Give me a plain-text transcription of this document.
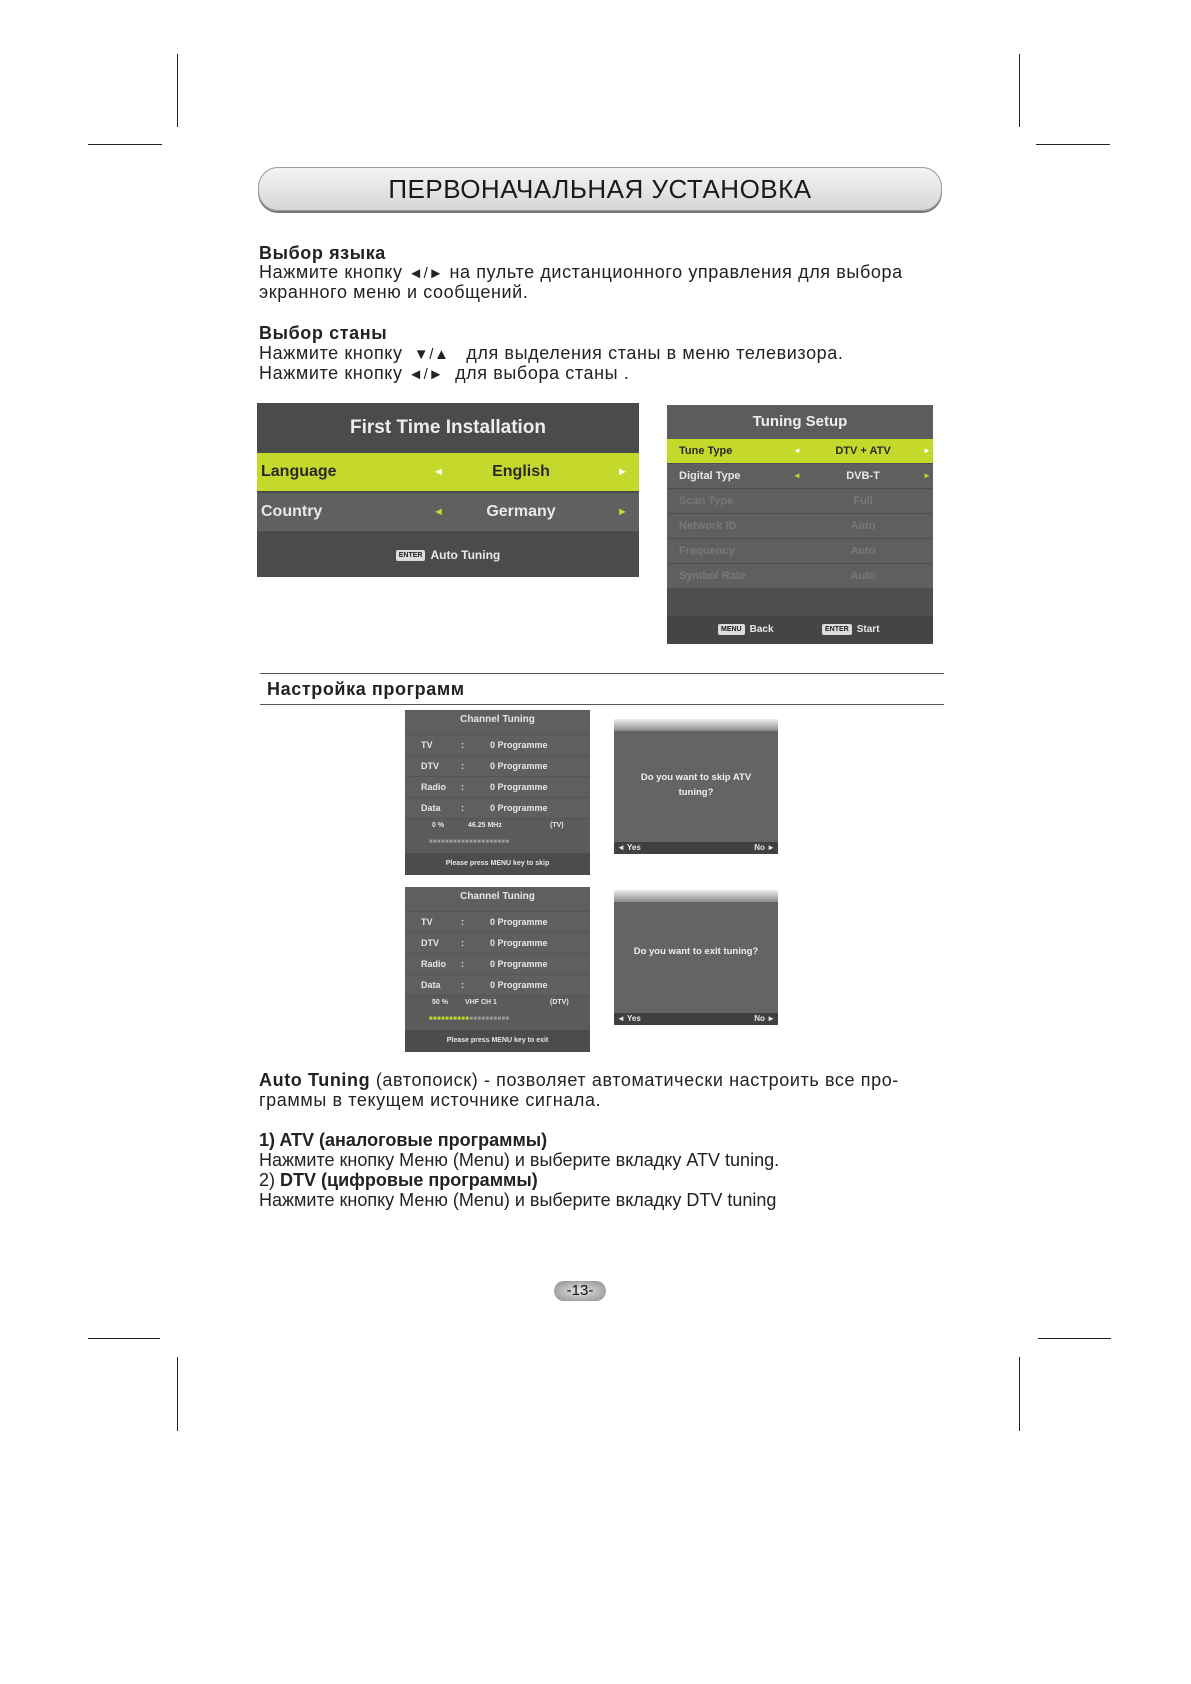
ПЕРВОНАЧАЛЬНАЯ УСТАНОВКА
Выбор языка
Нажмите кнопку ◄/► на пульте дистанционного управления для выбора
экранного меню и сообщений.
Выбор станы
Нажмите кнопку ▼/▲ для выделения станы в меню телевизора.
Нажмите кнопку ◄/► для выбора станы .
First Time Installation
Language	◄	English	►
Country	◄	Germany	►
ENTER Auto Tuning
Tuning Setup
Tune Type	◄	DTV + ATV	►
Digital Type	◄	DVB-T	►
Scan Type	Full
Network ID	Auto
Frequency	Auto
Symbol Rate	Auto
MENU Back	ENTER Start
Настройка программ
Channel Tuning
TV	:	0 Programme
DTV :	0 Programme
Radio :	0 Programme
Data :	0 Programme
0 %	46.25 MHz	(TV)
■■■■■■■■■■■■■■■■■■■■
Please press MENU key to skip
Do you want to skip ATV
tuning?
◄ Yes	No ►
Channel Tuning
TV	:	0 Programme
DTV :	0 Programme
Radio :	0 Programme
Data :	0 Programme
50 % VHF CH 1	(DTV)
■■■■■■■■■■■■■■■■■■■■
Please press MENU key to exit
Do you want to exit tuning?
◄ Yes	No ►
Auto Tuning (автопоиск) - позволяет автоматически настроить все про-
граммы в текущем источнике сигнала.
1) ATV (аналоговые программы)
Нажмите кнопку Меню (Menu) и выберите вкладку ATV tuning.
2) DTV (цифровые программы)
Нажмите кнопку Меню (Menu) и выберите вкладку DTV tuning
-13-
